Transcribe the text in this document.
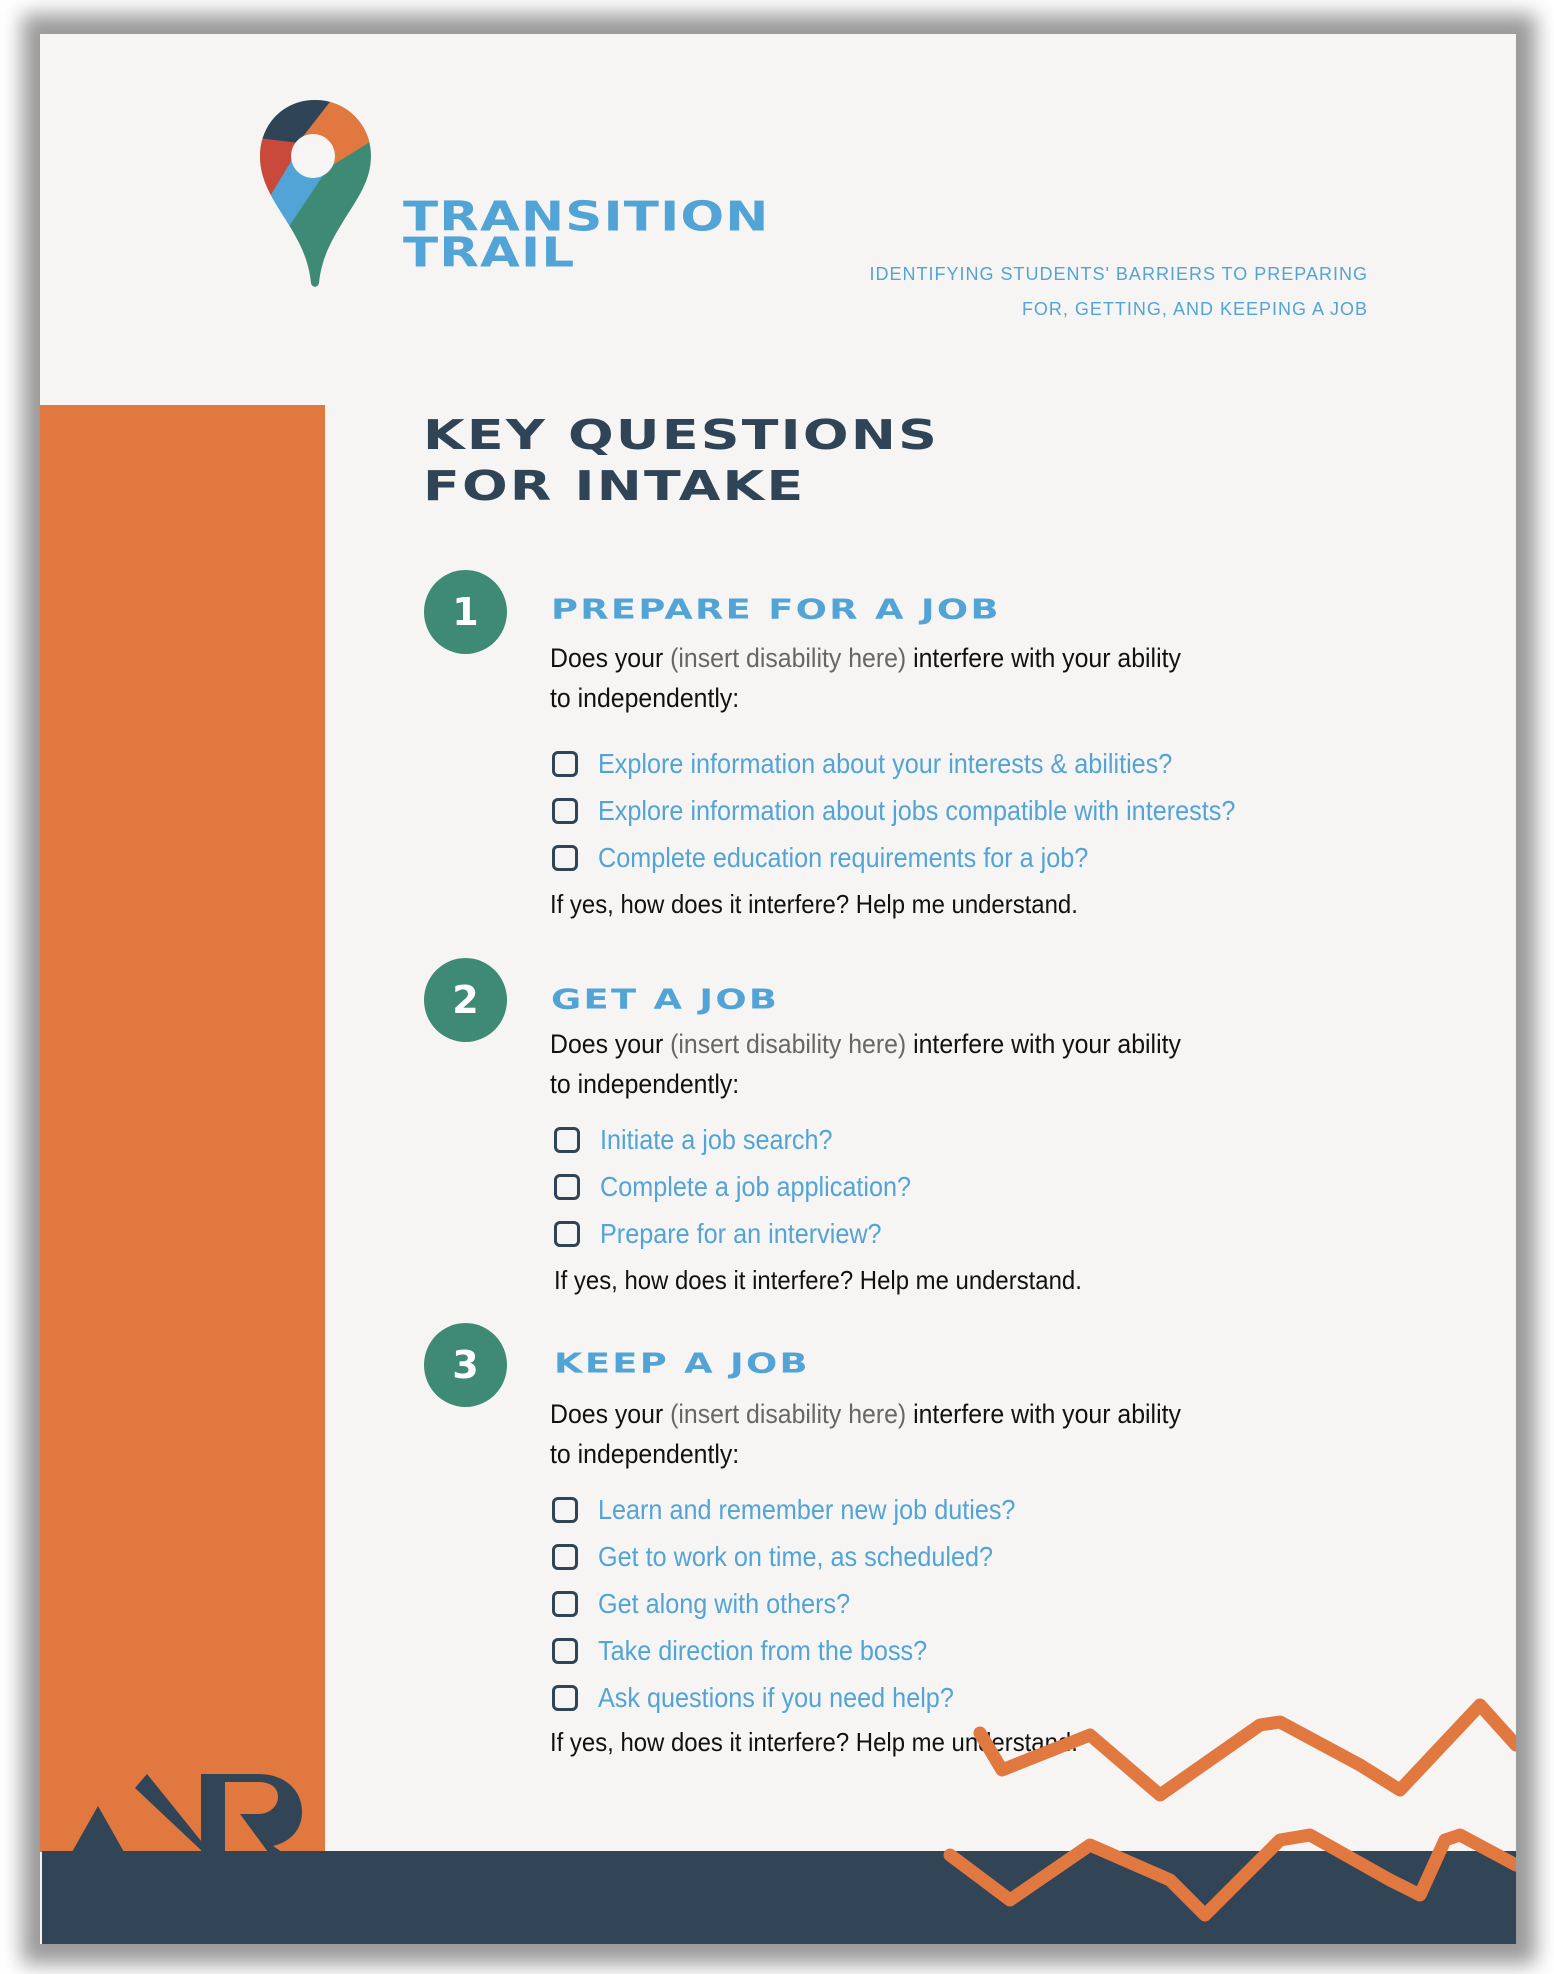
TRANSITION
TRAIL	IDENTIFYING STUDENTS' BARRIERS TO PREPARING
FOR, GETTING, AND KEEPING A JOB
KEY QUESTIONS
FOR INTAKE
1	PREPARE FOR A JOB
Does your (insert disability here) interfere with your ability
to independently:
Explore information about your interests & abilities?
Explore information about jobs compatible with interests?
Complete education requirements for a job?
If yes, how does it interfere? Help me understand.
2	GET A JOB
Does your (insert disability here) interfere with your ability
to independently:
Initiate a job search?
Complete a job application?
Prepare for an interview?
If yes, how does it interfere? Help me understand.
3	KEEP A JOB
Does your (insert disability here) interfere with your ability
to independently:
Learn and remember new job duties?
Get to work on time, as scheduled?
Get along with others?
Take direction from the boss?
Ask questions if you need help?
If yes, how does it interfere? Help me understand.
